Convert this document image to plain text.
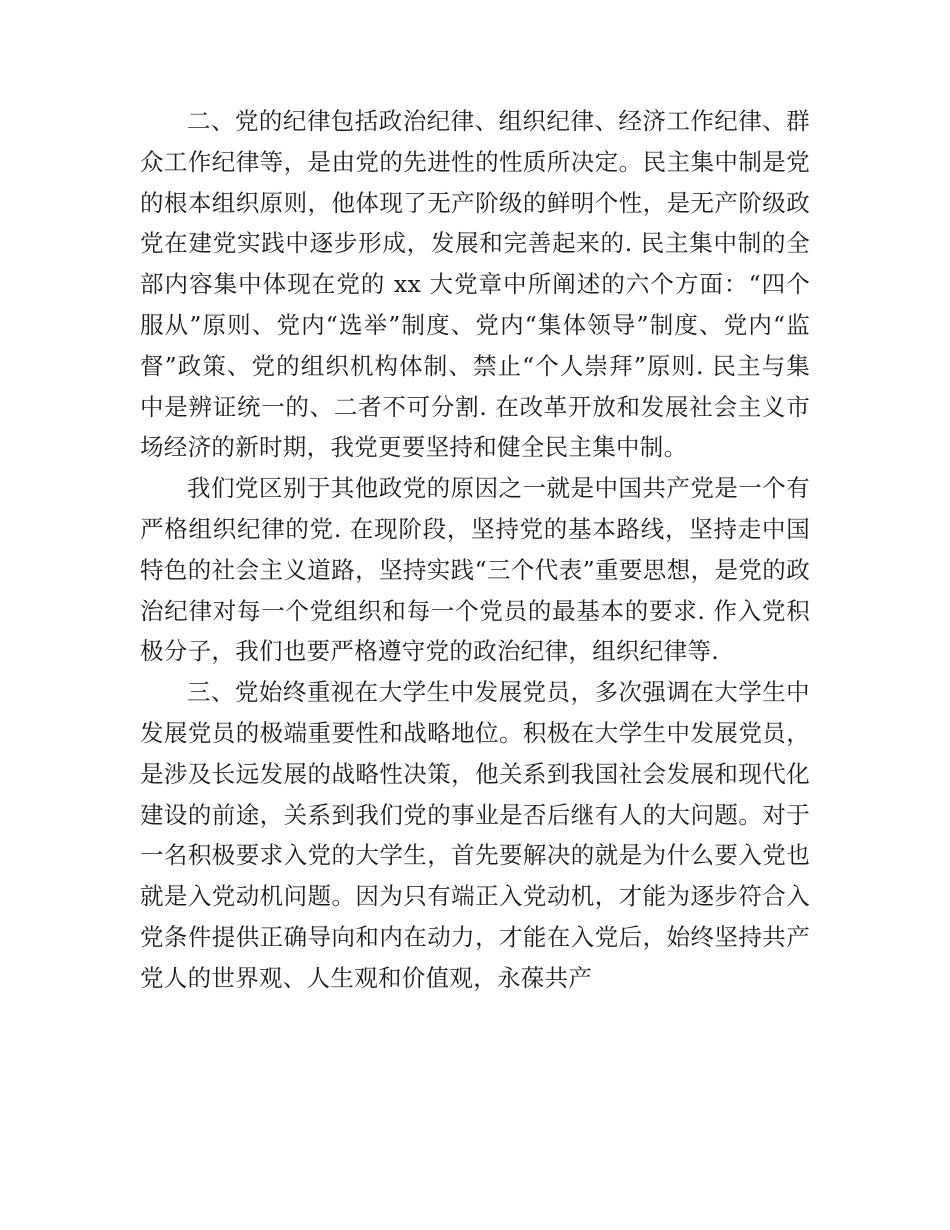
二、党的纪律包括政治纪律、组织纪律、经济工作纪律、群众工作纪律等，是由党的先进性的性质所决定。民主集中制是党的根本组织原则，他体现了无产阶级的鲜明个性，是无产阶级政党在建党实践中逐步形成，发展和完善起来的. 民主集中制的全部内容集中体现在党的 xx 大党章中所阐述的六个方面：“四个服从”原则、党内“选举”制度、党内“集体领导”制度、党内“监督”政策、党的组织机构体制、禁止“个人崇拜”原则. 民主与集中是辨证统一的、二者不可分割. 在改革开放和发展社会主义市场经济的新时期，我党更要坚持和健全民主集中制。

我们党区别于其他政党的原因之一就是中国共产党是一个有严格组织纪律的党. 在现阶段，坚持党的基本路线，坚持走中国特色的社会主义道路，坚持实践“三个代表”重要思想，是党的政治纪律对每一个党组织和每一个党员的最基本的要求. 作入党积极分子，我们也要严格遵守党的政治纪律，组织纪律等.

三、党始终重视在大学生中发展党员，多次强调在大学生中发展党员的极端重要性和战略地位。积极在大学生中发展党员，是涉及长远发展的战略性决策，他关系到我国社会发展和现代化建设的前途，关系到我们党的事业是否后继有人的大问题。对于一名积极要求入党的大学生，首先要解决的就是为什么要入党也就是入党动机问题。因为只有端正入党动机，才能为逐步符合入党条件提供正确导向和内在动力，才能在入党后，始终坚持共产党人的世界观、人生观和价值观，永葆共产
